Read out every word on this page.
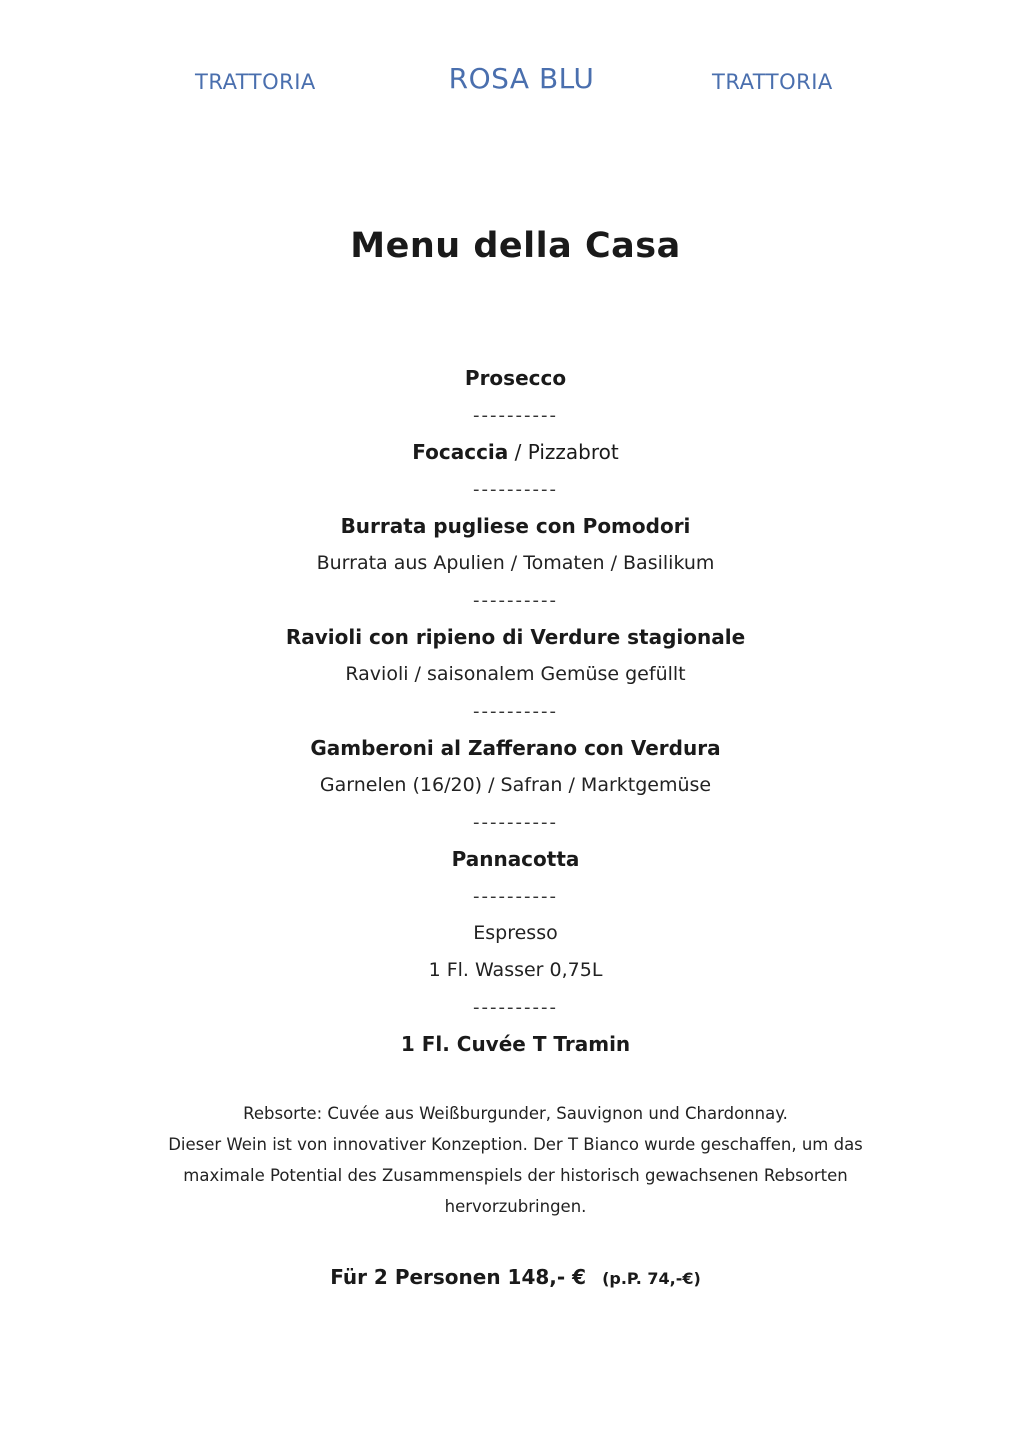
TRATTORIA	ROSA BLU	TRATTORIA
Menu della Casa
Prosecco
----------
Focaccia / Pizzabrot
----------
Burrata pugliese con Pomodori
Burrata aus Apulien / Tomaten / Basilikum
----------
Ravioli con ripieno di Verdure stagionale
Ravioli / saisonalem Gemüse gefüllt
----------
Gamberoni al Zafferano con Verdura
Garnelen (16/20) / Safran / Marktgemüse
----------
Pannacotta
----------
Espresso
1 Fl. Wasser 0,75L
----------
1 Fl. Cuvée T Tramin
Rebsorte: Cuvée aus Weißburgunder, Sauvignon und Chardonnay.
Dieser Wein ist von innovativer Konzeption. Der T Bianco wurde geschaffen, um das
maximale Potential des Zusammenspiels der historisch gewachsenen Rebsorten
hervorzubringen.
Für 2 Personen 148,- € (p.P. 74,-€)
